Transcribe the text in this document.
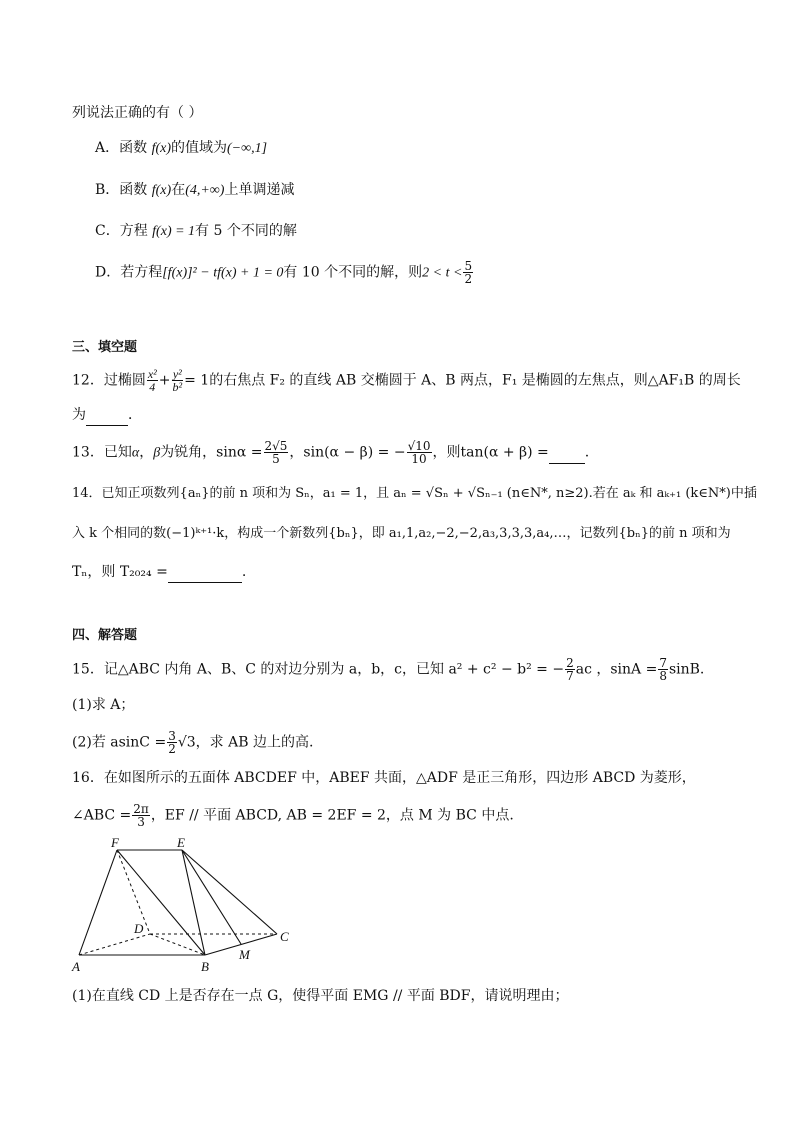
列说法正确的有（ ）
A．函数 f(x)的值域为(−∞,1]
B．函数 f(x)在(4,+∞)上单调递减
C．方程 f(x) = 1有 5 个不同的解
D．若方程[f(x)]² − tf(x) + 1 = 0有 10 个不同的解，则$2 < t < \frac{5}{2}$
三、填空题
12．过椭圆 $\frac{\text{x²}}{4} + \frac{\text{y²}}{\text{b²}} = 1$的右焦点 F₂ 的直线 AB 交椭圆于 A、B 两点，F₁ 是椭圆的左焦点，则△AF₁B 的周长
为	．
13．已知α，β为锐角，$\sin\alpha = \frac{2√5}{5}$ ，sin(α − β) = − $\frac{√10}{10}$ ，则tan(α + β) =	.
14．已知正项数列{aₙ}的前 n 项和为 Sₙ，a₁ = 1，且 aₙ = √Sₙ + √Sₙ₋₁ (n∈N*, n≥2).若在 aₖ 和 aₖ₊₁ (k∈N*)中插
入 k 个相同的数(−1)ᵏ⁺¹·k，构成一个新数列{bₙ}，即 a₁,1,a₂,−2,−2,a₃,3,3,3,a₄,…，记数列{bₙ}的前 n 项和为
Tₙ，则 T₂₀₂₄ =	.
四、解答题
15．记△ABC 内角 A、B、C 的对边分别为 a，b，c，已知 a² + c² − b² = − $\frac{2}{7}$ ac ，$\sin A = \frac{7}{8} \sin B$.
(1)求 A；
(2)若 $asinC = \frac{3}{2} √3$，求 AB 边上的高.
16．在如图所示的五面体 ABCDEF 中，ABEF 共面，△ADF 是正三角形，四边形 ABCD 为菱形，
∠ABC = $\frac{2\pi}{3}$ ，EF // 平面 ABCD, AB = 2EF = 2，点 M 为 BC 中点.
F	E
D
C
A	B
M
(1)在直线 CD 上是否存在一点 G，使得平面 EMG // 平面 BDF，请说明理由；
